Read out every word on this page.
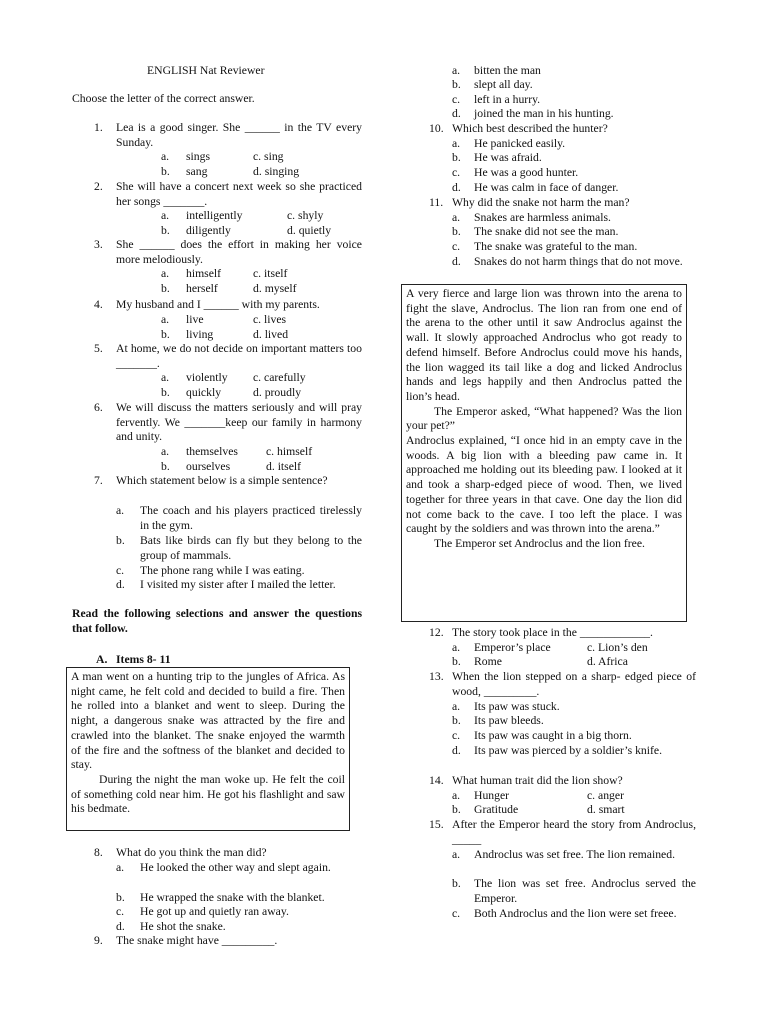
ENGLISH Nat Reviewer
Choose the letter of the correct answer.
1. Lea is a good singer. She ______ in the TV every Sunday.
a. sings	c. sing
b. sang	d. singing
2. She will have a concert next week so she practiced her songs _______.
a. intelligently	c. shyly
b. diligently	d. quietly
3. She ______ does the effort in making her voice more melodiously.
a. himself	c. itself
b. herself	d. myself
4. My husband and I ______ with my parents.
a. live	c. lives
b. living	d. lived
5. At home, we do not decide on important matters too _______.
a. violently c. carefully
b. quickly	d. proudly
6. We will discuss the matters seriously and will pray fervently. We _______keep our family in harmony and unity.
a. themselves c. himself
b. ourselves	d. itself
7. Which statement below is a simple sentence?
a. The coach and his players practiced tirelessly in the gym.
b. Bats like birds can fly but they belong to the group of mammals.
c. The phone rang while I was eating.
d. I visited my sister after I mailed the letter.
Read the following selections and answer the questions that follow.
A. Items 8- 11

A man went on a hunting trip to the jungles of Africa. As night came, he felt cold and decided to build a fire. Then he rolled into a blanket and went to sleep. During the night, a dangerous snake was attracted by the fire and crawled into the blanket. The snake enjoyed the warmth of the fire and the softness of the blanket and decided to stay.

During the night the man woke up. He felt the coil of something cold near him. He got his flashlight and saw his bedmate.

8. What do you think the man did?
a. He looked the other way and slept again.
b. He wrapped the snake with the blanket.
c. He got up and quietly ran away.
d. He shot the snake.
9. The snake might have _________.
a. bitten the man
b. slept all day.
c. left in a hurry.
d. joined the man in his hunting.
10. Which best described the hunter?
a. He panicked easily.
b. He was afraid.
c. He was a good hunter.
d. He was calm in face of danger.
11. Why did the snake not harm the man?
a. Snakes are harmless animals.
b. The snake did not see the man.
c. The snake was grateful to the man.
d. Snakes do not harm things that do not move.

A very fierce and large lion was thrown into the arena to fight the slave, Androclus. The lion ran from one end of the arena to the other until it saw Androclus against the wall. It slowly approached Androclus who got ready to defend himself. Before Androclus could move his hands, the lion wagged its tail like a dog and licked Androclus hands and legs happily and then Androclus patted the lion’s head.

The Emperor asked, “What happened? Was the lion your pet?”

Androclus explained, “I once hid in an empty cave in the woods. A big lion with a bleeding paw came in. It approached me holding out its bleeding paw. I looked at it and took a sharp-edged piece of wood. Then, we lived together for three years in that cave. One day the lion did not come back to the cave. I too left the place. I was caught by the soldiers and was thrown into the arena.”

The Emperor set Androclus and the lion free.

12. The story took place in the ____________.
a. Emperor’s place	c. Lion’s den
b. Rome	d. Africa
13. When the lion stepped on a sharp- edged piece of wood, _________.
a. Its paw was stuck.
b. Its paw bleeds.
c. Its paw was caught in a big thorn.
d. Its paw was pierced by a soldier’s knife.
14. What human trait did the lion show?
a. Hunger	c. anger
b. Gratitude	d. smart
15. After the Emperor heard the story from Androclus, _____
a. Androclus was set free. The lion remained.
b. The lion was set free. Androclus served the Emperor.
c. Both Androclus and the lion were set freee.
